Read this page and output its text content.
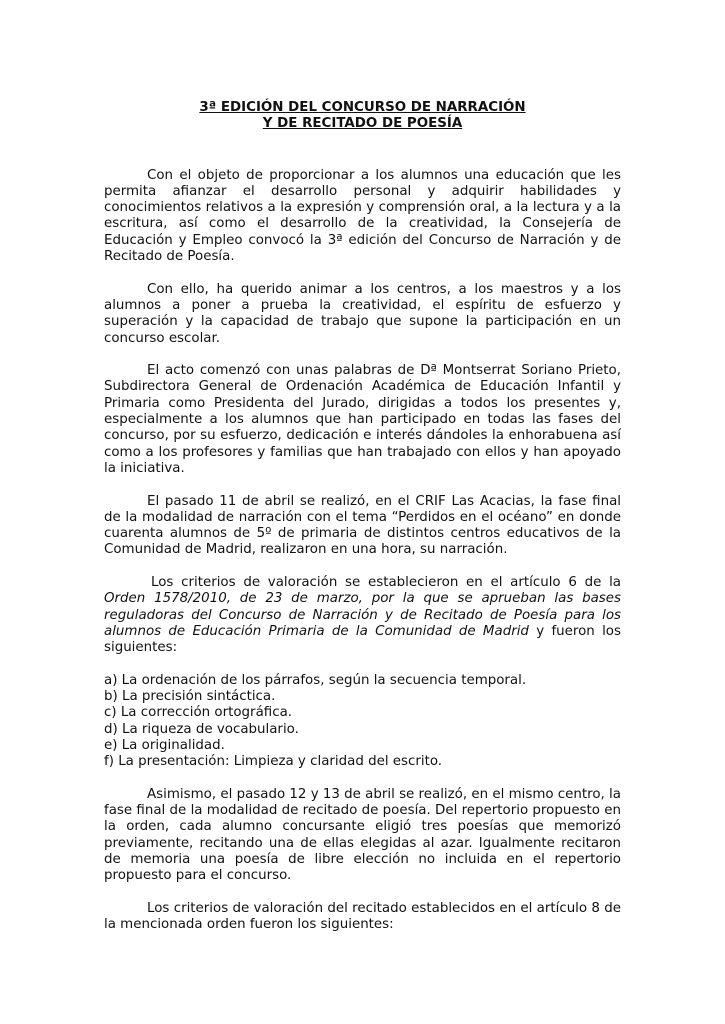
3ª EDICIÓN DEL CONCURSO DE NARRACIÓN
Y DE RECITADO DE POESÍA

Con el objeto de proporcionar a los alumnos una educación que les permita afianzar el desarrollo personal y adquirir habilidades y conocimientos relativos a la expresión y comprensión oral, a la lectura y a la escritura, así como el desarrollo de la creatividad, la Consejería de Educación y Empleo convocó la 3ª edición del Concurso de Narración y de Recitado de Poesía.

Con ello, ha querido animar a los centros, a los maestros y a los alumnos a poner a prueba la creatividad, el espíritu de esfuerzo y superación y la capacidad de trabajo que supone la participación en un concurso escolar.

El acto comenzó con unas palabras de Dª Montserrat Soriano Prieto, Subdirectora General de Ordenación Académica de Educación Infantil y Primaria como Presidenta del Jurado, dirigidas a todos los presentes y, especialmente a los alumnos que han participado en todas las fases del concurso, por su esfuerzo, dedicación e interés dándoles la enhorabuena así como a los profesores y familias que han trabajado con ellos y han apoyado la iniciativa.

El pasado 11 de abril se realizó, en el CRIF Las Acacias, la fase final de la modalidad de narración con el tema “Perdidos en el océano” en donde cuarenta alumnos de 5º de primaria de distintos centros educativos de la Comunidad de Madrid, realizaron en una hora, su narración.

Los criterios de valoración se establecieron en el artículo 6 de la Orden 1578/2010, de 23 de marzo, por la que se aprueban las bases reguladoras del Concurso de Narración y de Recitado de Poesía para los alumnos de Educación Primaria de la Comunidad de Madrid y fueron los siguientes:

a) La ordenación de los párrafos, según la secuencia temporal.
b) La precisión sintáctica.
c) La corrección ortográfica.
d) La riqueza de vocabulario.
e) La originalidad.
f) La presentación: Limpieza y claridad del escrito.

Asimismo, el pasado 12 y 13 de abril se realizó, en el mismo centro, la fase final de la modalidad de recitado de poesía. Del repertorio propuesto en la orden, cada alumno concursante eligió tres poesías que memorizó previamente, recitando una de ellas elegidas al azar. Igualmente recitaron de memoria una poesía de libre elección no incluida en el repertorio propuesto para el concurso.

Los criterios de valoración del recitado establecidos en el artículo 8 de la mencionada orden fueron los siguientes:
